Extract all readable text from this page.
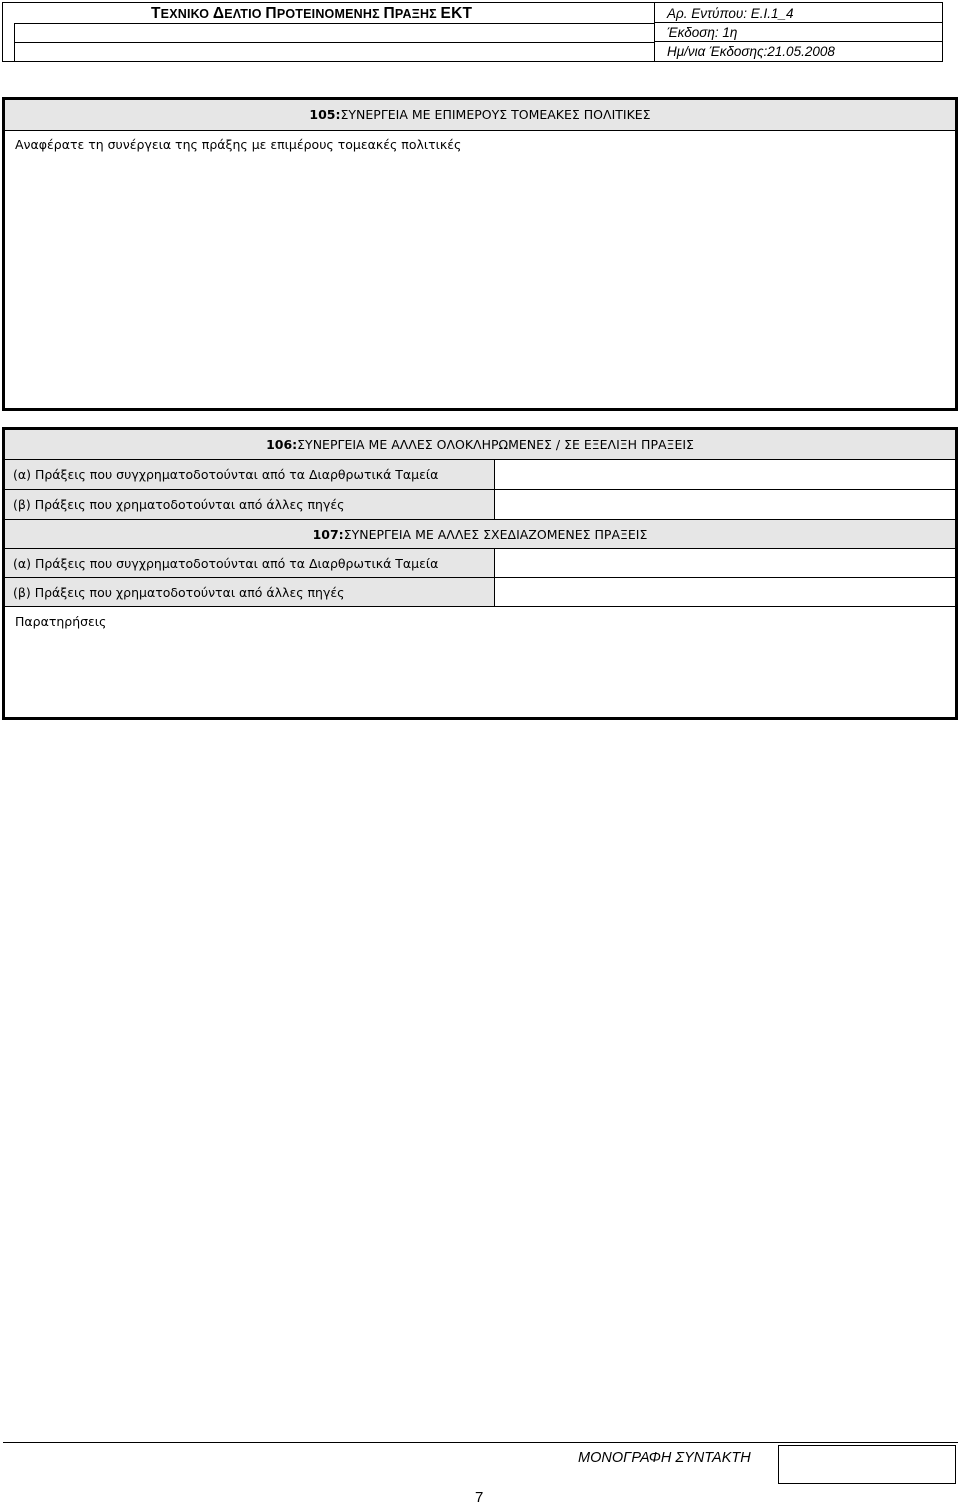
ΤΕΧΝΙΚΟ ΔΕΛΤΙΟ ΠΡΟΤΕΙΝΟΜΕΝΗΣ ΠΡΑΞΗΣ ΕΚΤ	Αρ. Εντύπου: Ε.Ι.1_4
Έκδοση: 1η
Ημ/νια Έκδοσης:21.05.2008
105:ΣΥΝΕΡΓΕΙΑ ΜΕ ΕΠΙΜΕΡΟΥΣ ΤΟΜΕΑΚΕΣ ΠΟΛΙΤΙΚΕΣ
Αναφέρατε τη συνέργεια της πράξης με επιμέρους τομεακές πολιτικές
106:ΣΥΝΕΡΓΕΙΑ ΜΕ ΑΛΛΕΣ ΟΛΟΚΛΗΡΩΜΕΝΕΣ / ΣΕ ΕΞΕΛΙΞΗ ΠΡΑΞΕΙΣ
(α) Πράξεις που συγχρηματοδοτούνται από τα Διαρθρωτικά Ταμεία
(β) Πράξεις που χρηματοδοτούνται από άλλες πηγές
107:ΣΥΝΕΡΓΕΙΑ ΜΕ ΑΛΛΕΣ ΣΧΕΔΙΑΖΟΜΕΝΕΣ ΠΡΑΞΕΙΣ
(α) Πράξεις που συγχρηματοδοτούνται από τα Διαρθρωτικά Ταμεία
(β) Πράξεις που χρηματοδοτούνται από άλλες πηγές
Παρατηρήσεις
ΜΟΝΟΓΡΑΦΗ ΣΥΝΤΑΚΤΗ
7
